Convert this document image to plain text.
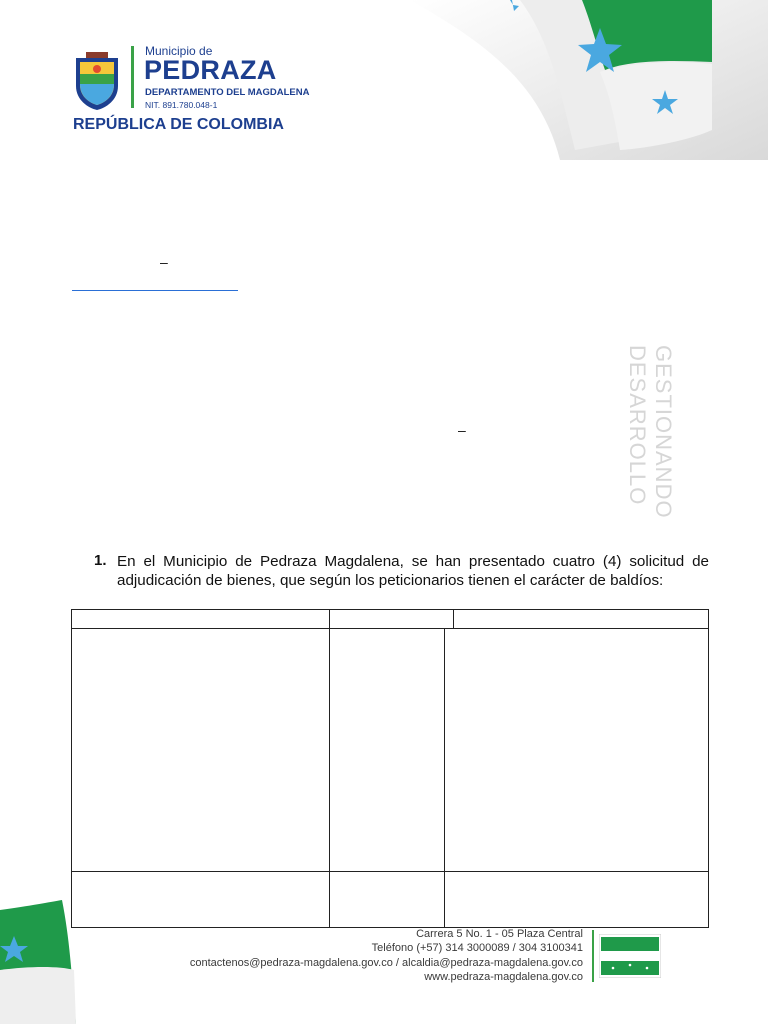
Municipio de
PEDRAZA
DEPARTAMENTO DEL MAGDALENA
NIT. 891.780.048-1
REPÚBLICA DE COLOMBIA
GESTIONANDO DESARROLLO
–
–
1. En el Municipio de Pedraza Magdalena, se han presentado cuatro (4) solicitud de adjudicación de bienes, que según los peticionarios tienen el carácter de baldíos:
Carrera 5 No. 1 - 05 Plaza Central
Teléfono (+57) 314 3000089 / 304 3100341
contactenos@pedraza-magdalena.gov.co / alcaldia@pedraza-magdalena.gov.co
www.pedraza-magdalena.gov.co
